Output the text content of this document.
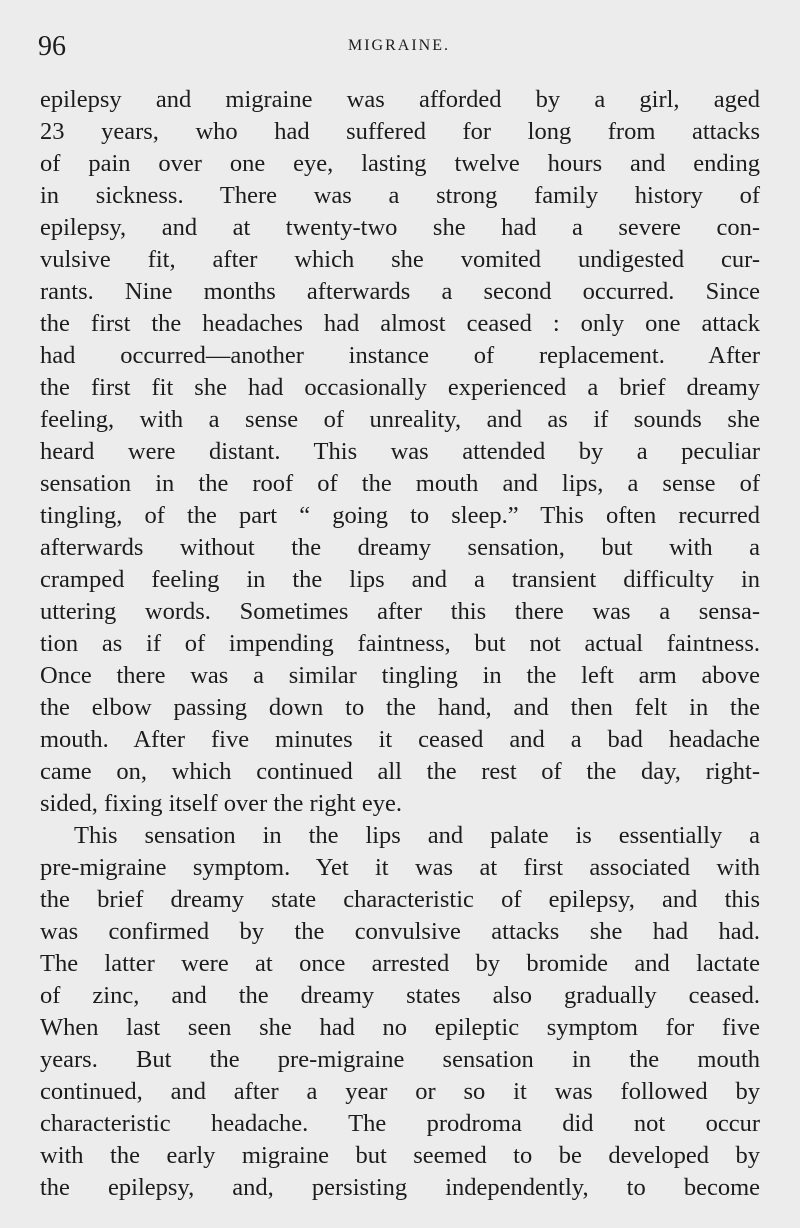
96	MIGRAINE.
epilepsy and migraine was afforded by a girl, aged
23 years, who had suffered for long from attacks
of pain over one eye, lasting twelve hours and ending
in sickness. There was a strong family history of
epilepsy, and at twenty-two she had a severe con-
vulsive fit, after which she vomited undigested cur-
rants. Nine months afterwards a second occurred. Since
the first the headaches had almost ceased : only one attack
had occurred—another instance of replacement. After
the first fit she had occasionally experienced a brief dreamy
feeling, with a sense of unreality, and as if sounds she
heard were distant. This was attended by a peculiar
sensation in the roof of the mouth and lips, a sense of
tingling, of the part “ going to sleep.” This often recurred
afterwards without the dreamy sensation, but with a
cramped feeling in the lips and a transient difficulty in
uttering words. Sometimes after this there was a sensa-
tion as if of impending faintness, but not actual faintness.
Once there was a similar tingling in the left arm above
the elbow passing down to the hand, and then felt in the
mouth. After five minutes it ceased and a bad headache
came on, which continued all the rest of the day, right-
sided, fixing itself over the right eye.
This sensation in the lips and palate is essentially a
pre-migraine symptom. Yet it was at first associated with
the brief dreamy state characteristic of epilepsy, and this
was confirmed by the convulsive attacks she had had.
The latter were at once arrested by bromide and lactate
of zinc, and the dreamy states also gradually ceased.
When last seen she had no epileptic symptom for five
years. But the pre-migraine sensation in the mouth
continued, and after a year or so it was followed by
characteristic headache. The prodroma did not occur
with the early migraine but seemed to be developed by
the epilepsy, and, persisting independently, to become
